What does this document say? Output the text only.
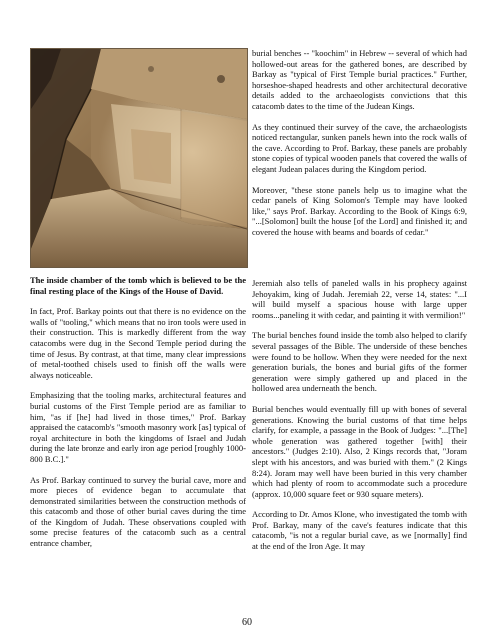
burial benches -- "koochim" in Hebrew -- several of which had hollowed-out areas for the gathered bones, are described by Barkay as "typical of First Temple burial practices." Further, horseshoe-shaped headrests and other architectural decorative details added to the archaeologists convictions that this catacomb dates to the time of the Judean Kings.

As they continued their survey of the cave, the archaeologists noticed rectangular, sunken panels hewn into the rock walls of the cave. According to Prof. Barkay, these panels are probably stone copies of typical wooden panels that covered the walls of elegant Judean palaces during the Kingdom period.

Moreover, "these stone panels help us to imagine what the cedar panels of King Solomon's Temple may have looked like," says Prof. Barkay. According to the Book of Kings 6:9, "...[Solomon] built the house [of the Lord] and finished it; and covered the house with beams and boards of cedar."

The inside chamber of the tomb which is believed to be the final resting place of the Kings of the House of David.

In fact, Prof. Barkay points out that there is no evidence on the walls of "tooling," which means that no iron tools were used in their construction. This is markedly different from the way catacombs were dug in the Second Temple period during the time of Jesus. By contrast, at that time, many clear impressions of metal-toothed chisels used to finish off the walls were always noticeable.

Emphasizing that the tooling marks, architectural features and burial customs of the First Temple period are as familiar to him, "as if [he] had lived in those times," Prof. Barkay appraised the catacomb's "smooth masonry work [as] typical of royal architecture in both the kingdoms of Israel and Judah during the late bronze and early iron age period [roughly 1000-800 B.C.]."

As Prof. Barkay continued to survey the burial cave, more and more pieces of evidence began to accumulate that demonstrated similarities between the construction methods of this catacomb and those of other burial caves during the time of the Kingdom of Judah. These observations coupled with some precise features of the catacomb such as a central entrance chamber,

Jeremiah also tells of paneled walls in his prophecy against Jehoyakim, king of Judah. Jeremiah 22, verse 14, states: "...I will build myself a spacious house with large upper rooms...paneling it with cedar, and painting it with vermilion!"

The burial benches found inside the tomb also helped to clarify several passages of the Bible. The underside of these benches were found to be hollow. When they were needed for the next generation burials, the bones and burial gifts of the former generation were simply gathered up and placed in the hollowed area underneath the bench.

Burial benches would eventually fill up with bones of several generations. Knowing the burial customs of that time helps clarify, for example, a passage in the Book of Judges: "...[The] whole generation was gathered together [with] their ancestors." (Judges 2:10). Also, 2 Kings records that, "Joram slept with his ancestors, and was buried with them." (2 Kings 8:24). Joram may well have been buried in this very chamber which had plenty of room to accommodate such a procedure (approx. 10,000 square feet or 930 square meters).

According to Dr. Amos Klone, who investigated the tomb with Prof. Barkay, many of the cave's features indicate that this catacomb, "is not a regular burial cave, as we [normally] find at the end of the Iron Age. It may

60
